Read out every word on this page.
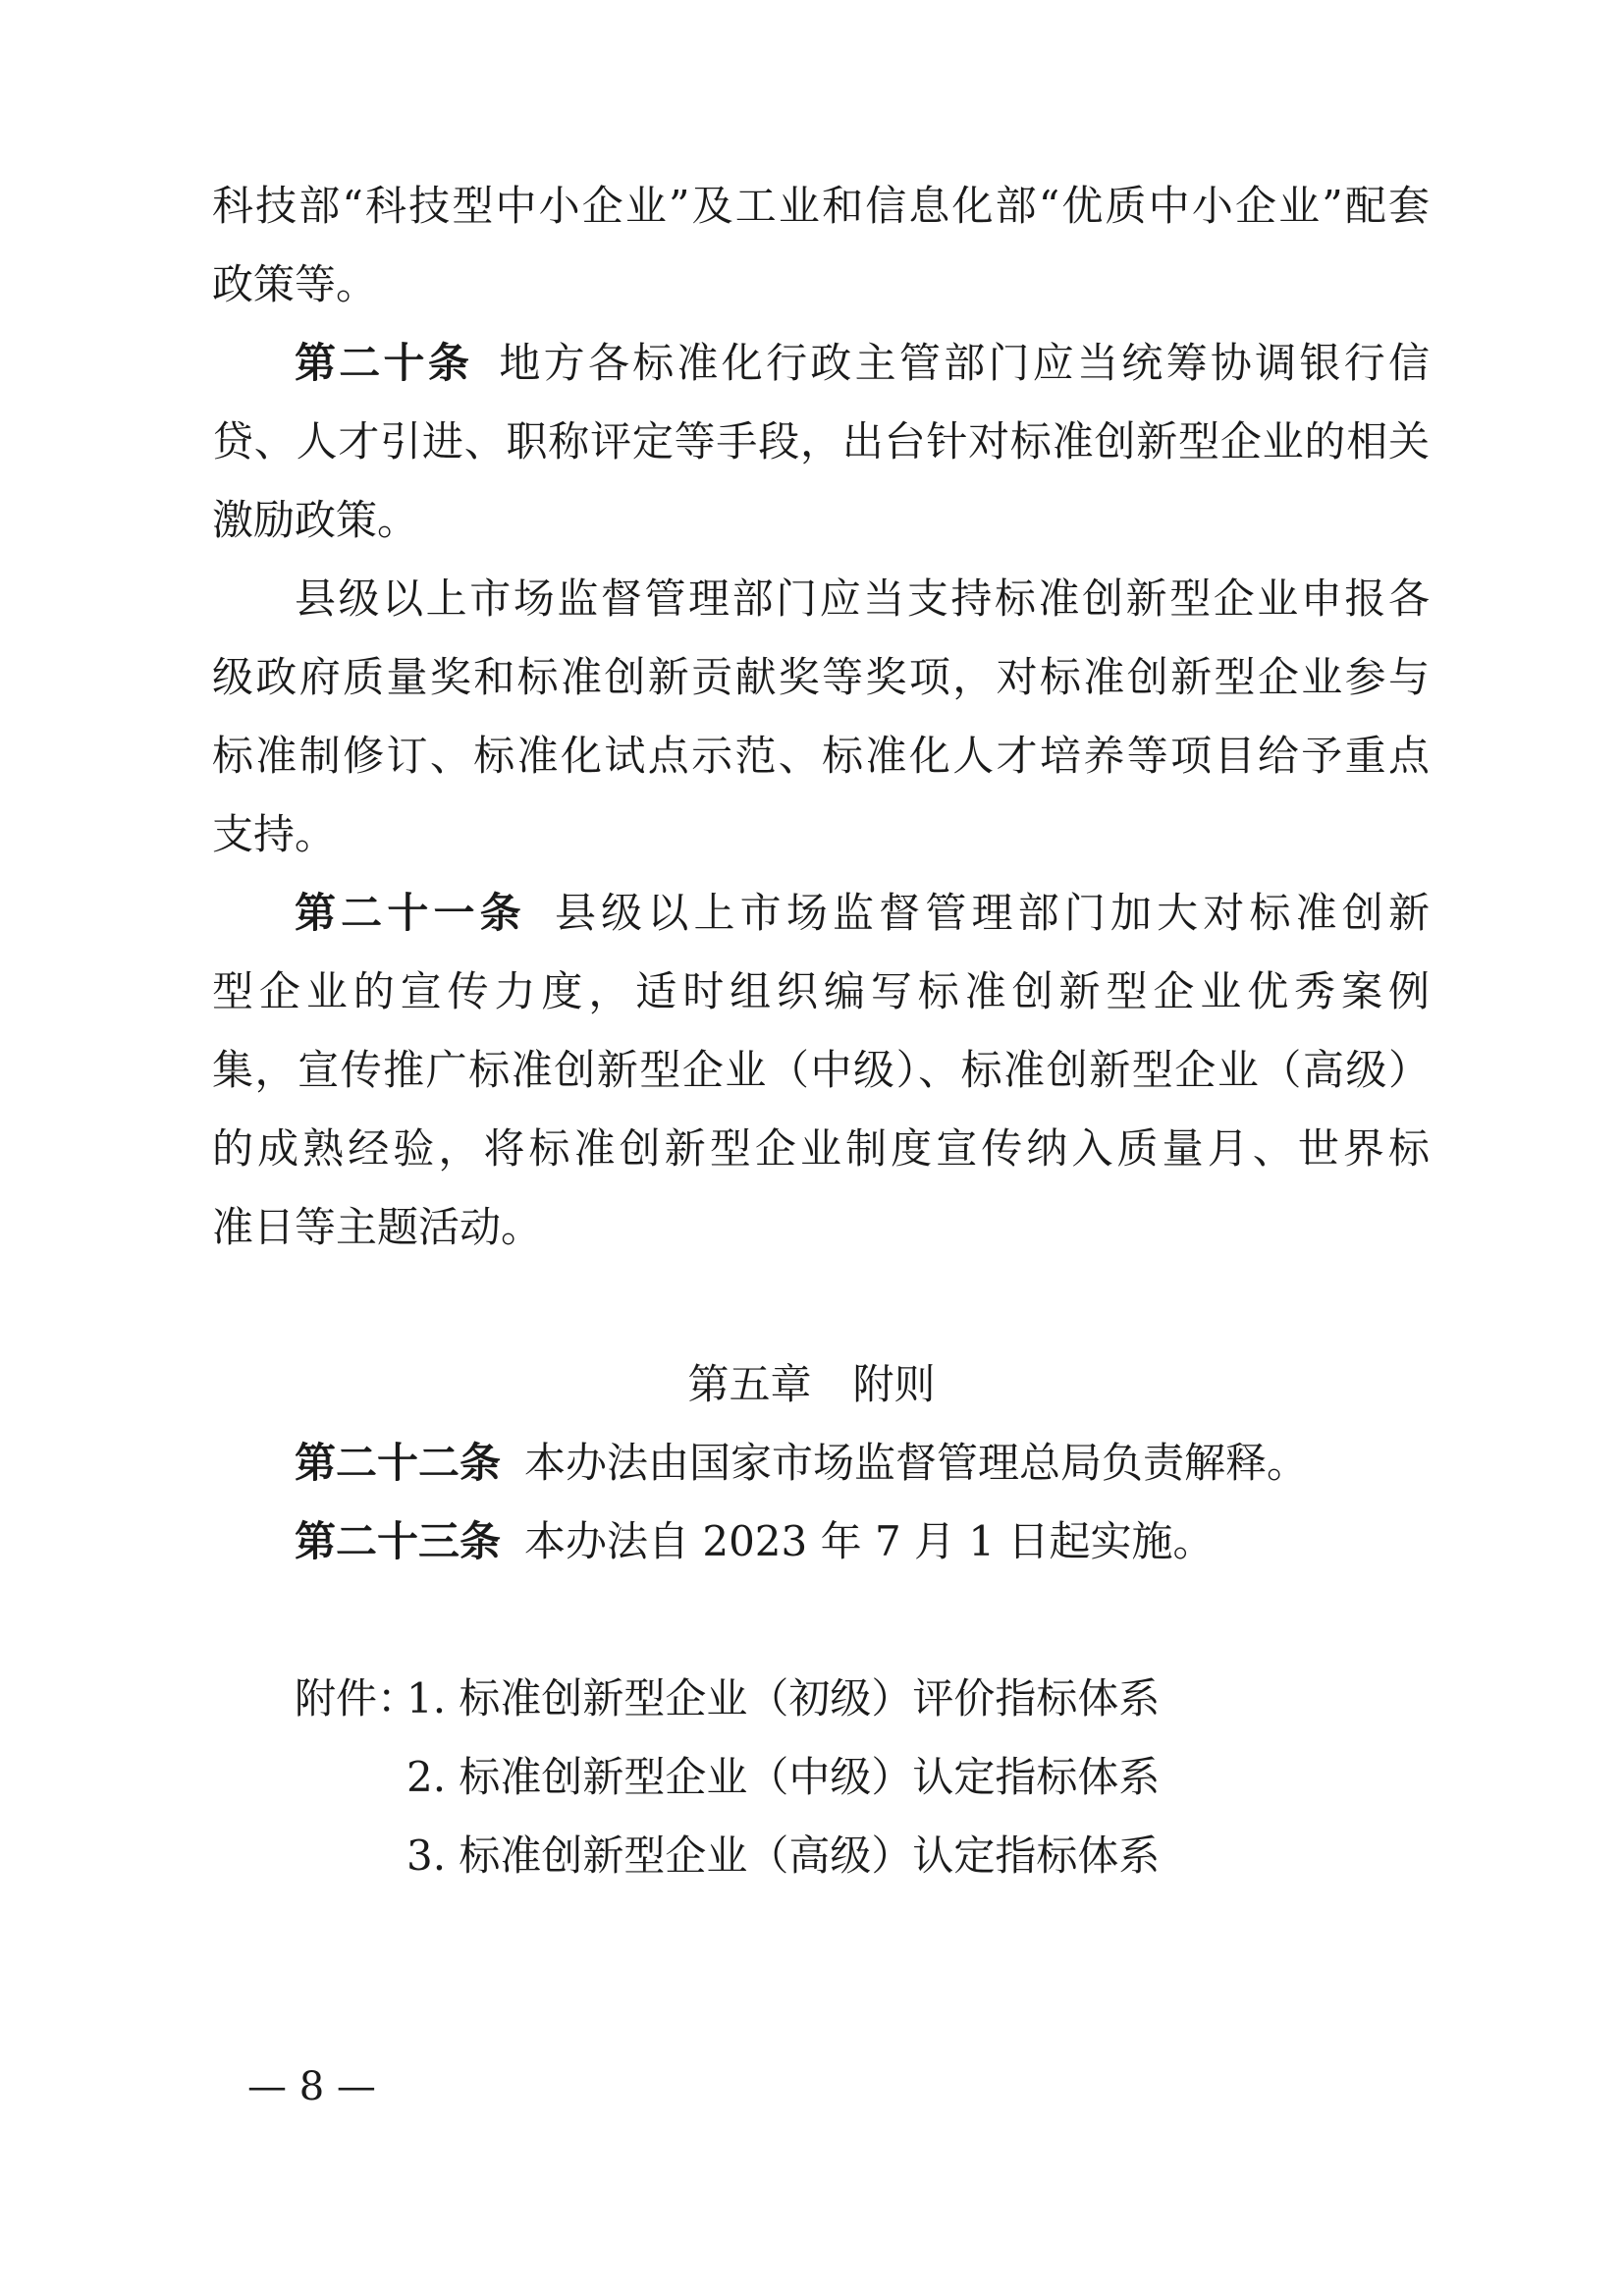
科技部“科技型中小企业”及工业和信息化部“优质中小企业”配套
政策等。
第二十条 地方各标准化行政主管部门应当统筹协调银行信
贷、人才引进、职称评定等手段，出台针对标准创新型企业的相关
激励政策。
县级以上市场监督管理部门应当支持标准创新型企业申报各
级政府质量奖和标准创新贡献奖等奖项，对标准创新型企业参与
标准制修订、标准化试点示范、标准化人才培养等项目给予重点
支持。
第二十一条 县级以上市场监督管理部门加大对标准创新
型企业的宣传力度，适时组织编写标准创新型企业优秀案例
集，宣传推广标准创新型企业（中级）、标准创新型企业（高级）
的成熟经验，将标准创新型企业制度宣传纳入质量月、世界标
准日等主题活动。
第五章　附则
第二十二条 本办法由国家市场监督管理总局负责解释。
第二十三条 本办法自 2023 年 7 月 1 日起实施。
附件：
1. 标准创新型企业（初级）评价指标体系
2. 标准创新型企业（中级）认定指标体系
3. 标准创新型企业（高级）认定指标体系
— 8 —
